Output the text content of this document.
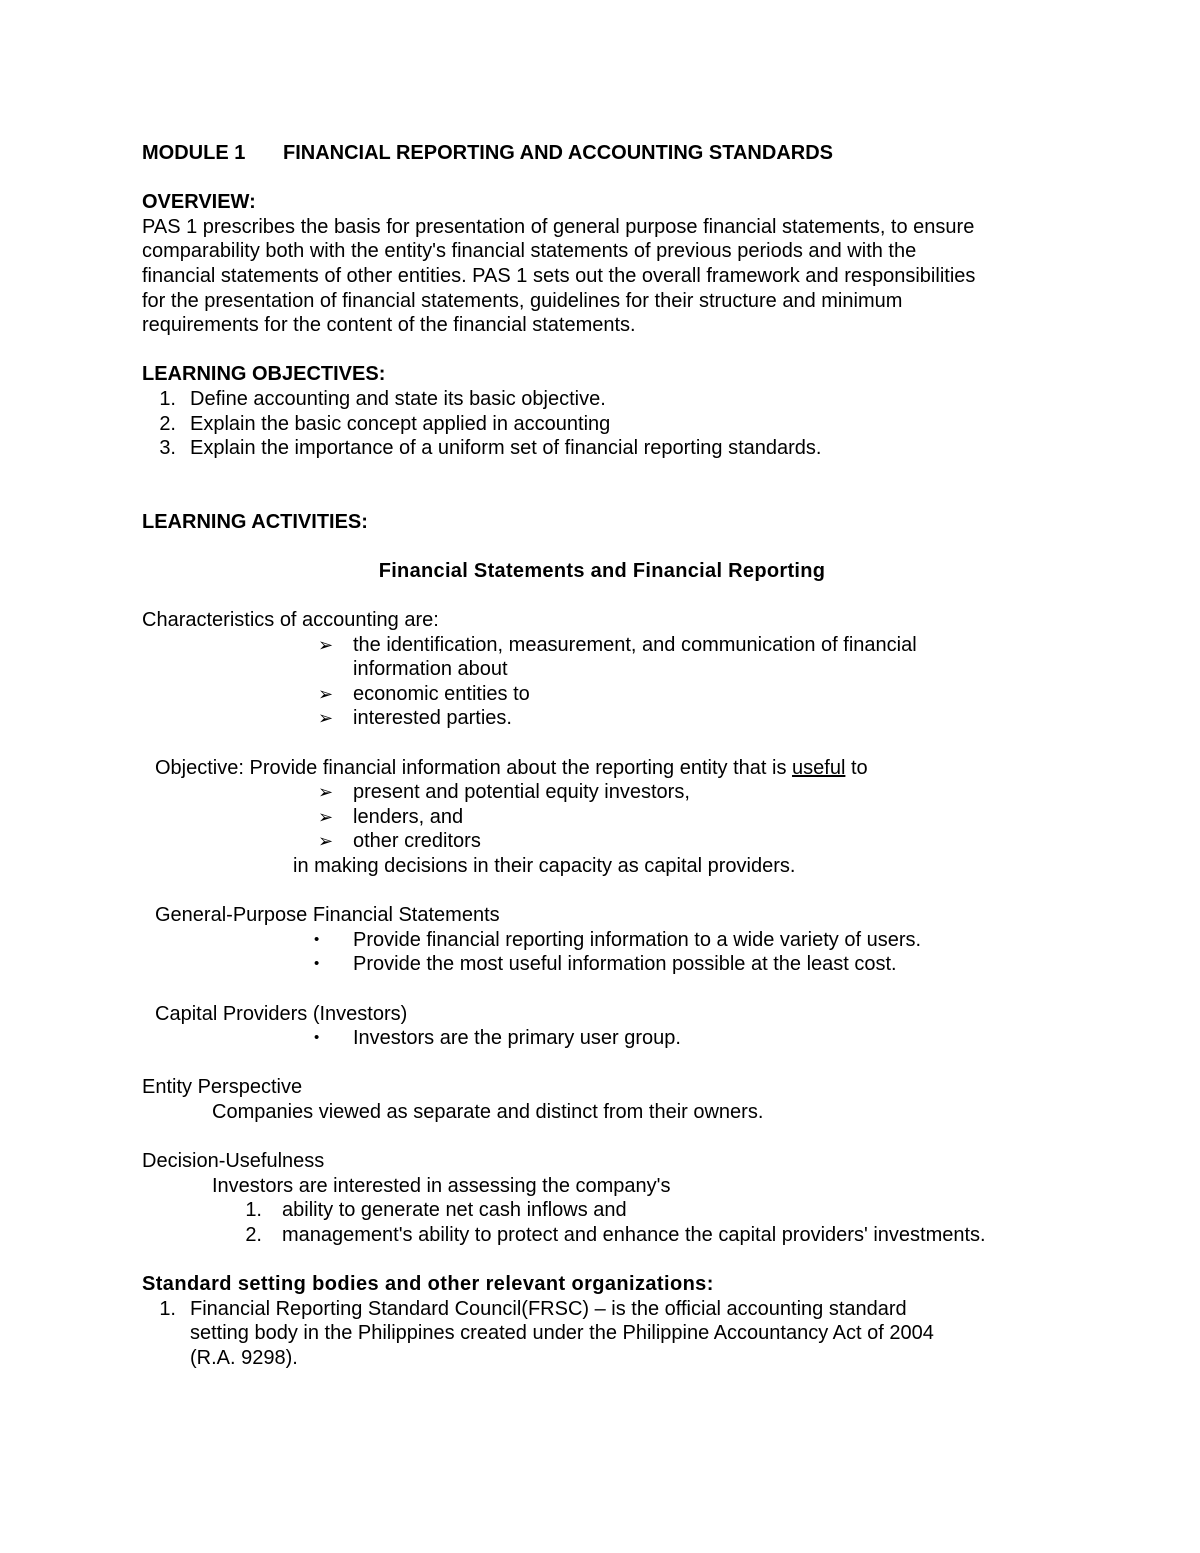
MODULE 1	FINANCIAL REPORTING AND ACCOUNTING STANDARDS
OVERVIEW:
PAS 1 prescribes the basis for presentation of general purpose financial statements, to ensure
comparability both with the entity's financial statements of previous periods and with the
financial statements of other entities. PAS 1 sets out the overall framework and responsibilities
for the presentation of financial statements, guidelines for their structure and minimum
requirements for the content of the financial statements.
LEARNING OBJECTIVES:
1. Define accounting and state its basic objective.
2. Explain the basic concept applied in accounting
3. Explain the importance of a uniform set of financial reporting standards.
LEARNING ACTIVITIES:
Financial Statements and Financial Reporting
Characteristics of accounting are:
➢ the identification, measurement, and communication of financial
information about
➢ economic entities to
➢ interested parties.
Objective: Provide financial information about the reporting entity that is useful to
➢ present and potential equity investors,
➢ lenders, and
➢ other creditors
in making decisions in their capacity as capital providers.
General-Purpose Financial Statements
•	Provide financial reporting information to a wide variety of users.
•	Provide the most useful information possible at the least cost.
Capital Providers (Investors)
•	Investors are the primary user group.
Entity Perspective
Companies viewed as separate and distinct from their owners.
Decision-Usefulness
Investors are interested in assessing the company's
1.	ability to generate net cash inflows and
2.	management's ability to protect and enhance the capital providers' investments.
Standard setting bodies and other relevant organizations:
1. Financial Reporting Standard Council(FRSC) – is the official accounting standard
setting body in the Philippines created under the Philippine Accountancy Act of 2004
(R.A. 9298).
